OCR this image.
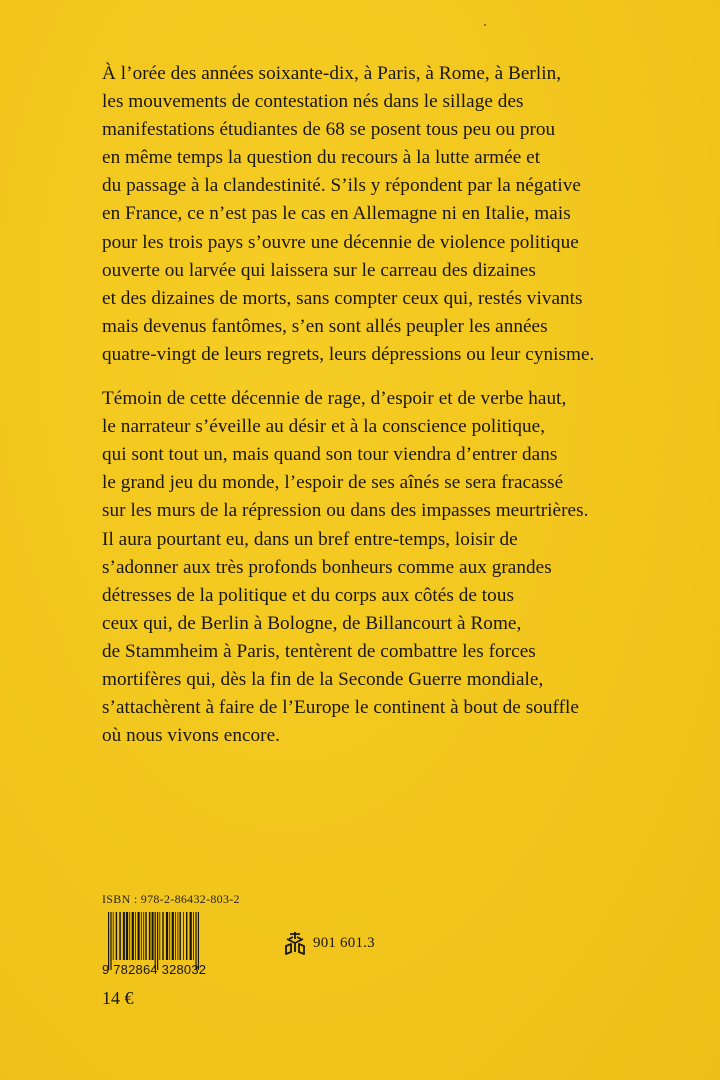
À l’orée des années soixante-dix, à Paris, à Rome, à Berlin,
les mouvements de contestation nés dans le sillage des
manifestations étudiantes de 68 se posent tous peu ou prou
en même temps la question du recours à la lutte armée et
du passage à la clandestinité. S’ils y répondent par la négative
en France, ce n’est pas le cas en Allemagne ni en Italie, mais
pour les trois pays s’ouvre une décennie de violence politique
ouverte ou larvée qui laissera sur le carreau des dizaines
et des dizaines de morts, sans compter ceux qui, restés vivants
mais devenus fantômes, s’en sont allés peupler les années
quatre-vingt de leurs regrets, leurs dépressions ou leur cynisme.

Témoin de cette décennie de rage, d’espoir et de verbe haut,
le narrateur s’éveille au désir et à la conscience politique,
qui sont tout un, mais quand son tour viendra d’entrer dans
le grand jeu du monde, l’espoir de ses aînés se sera fracassé
sur les murs de la répression ou dans des impasses meurtrières.
Il aura pourtant eu, dans un bref entre-temps, loisir de
s’adonner aux très profonds bonheurs comme aux grandes
détresses de la politique et du corps aux côtés de tous
ceux qui, de Berlin à Bologne, de Billancourt à Rome,
de Stammheim à Paris, tentèrent de combattre les forces
mortifères qui, dès la fin de la Seconde Guerre mondiale,
s’attachèrent à faire de l’Europe le continent à bout de souffle
où nous vivons encore.

ISBN : 978-2-86432-803-2
9 782864 328032
901 601.3
14 €
